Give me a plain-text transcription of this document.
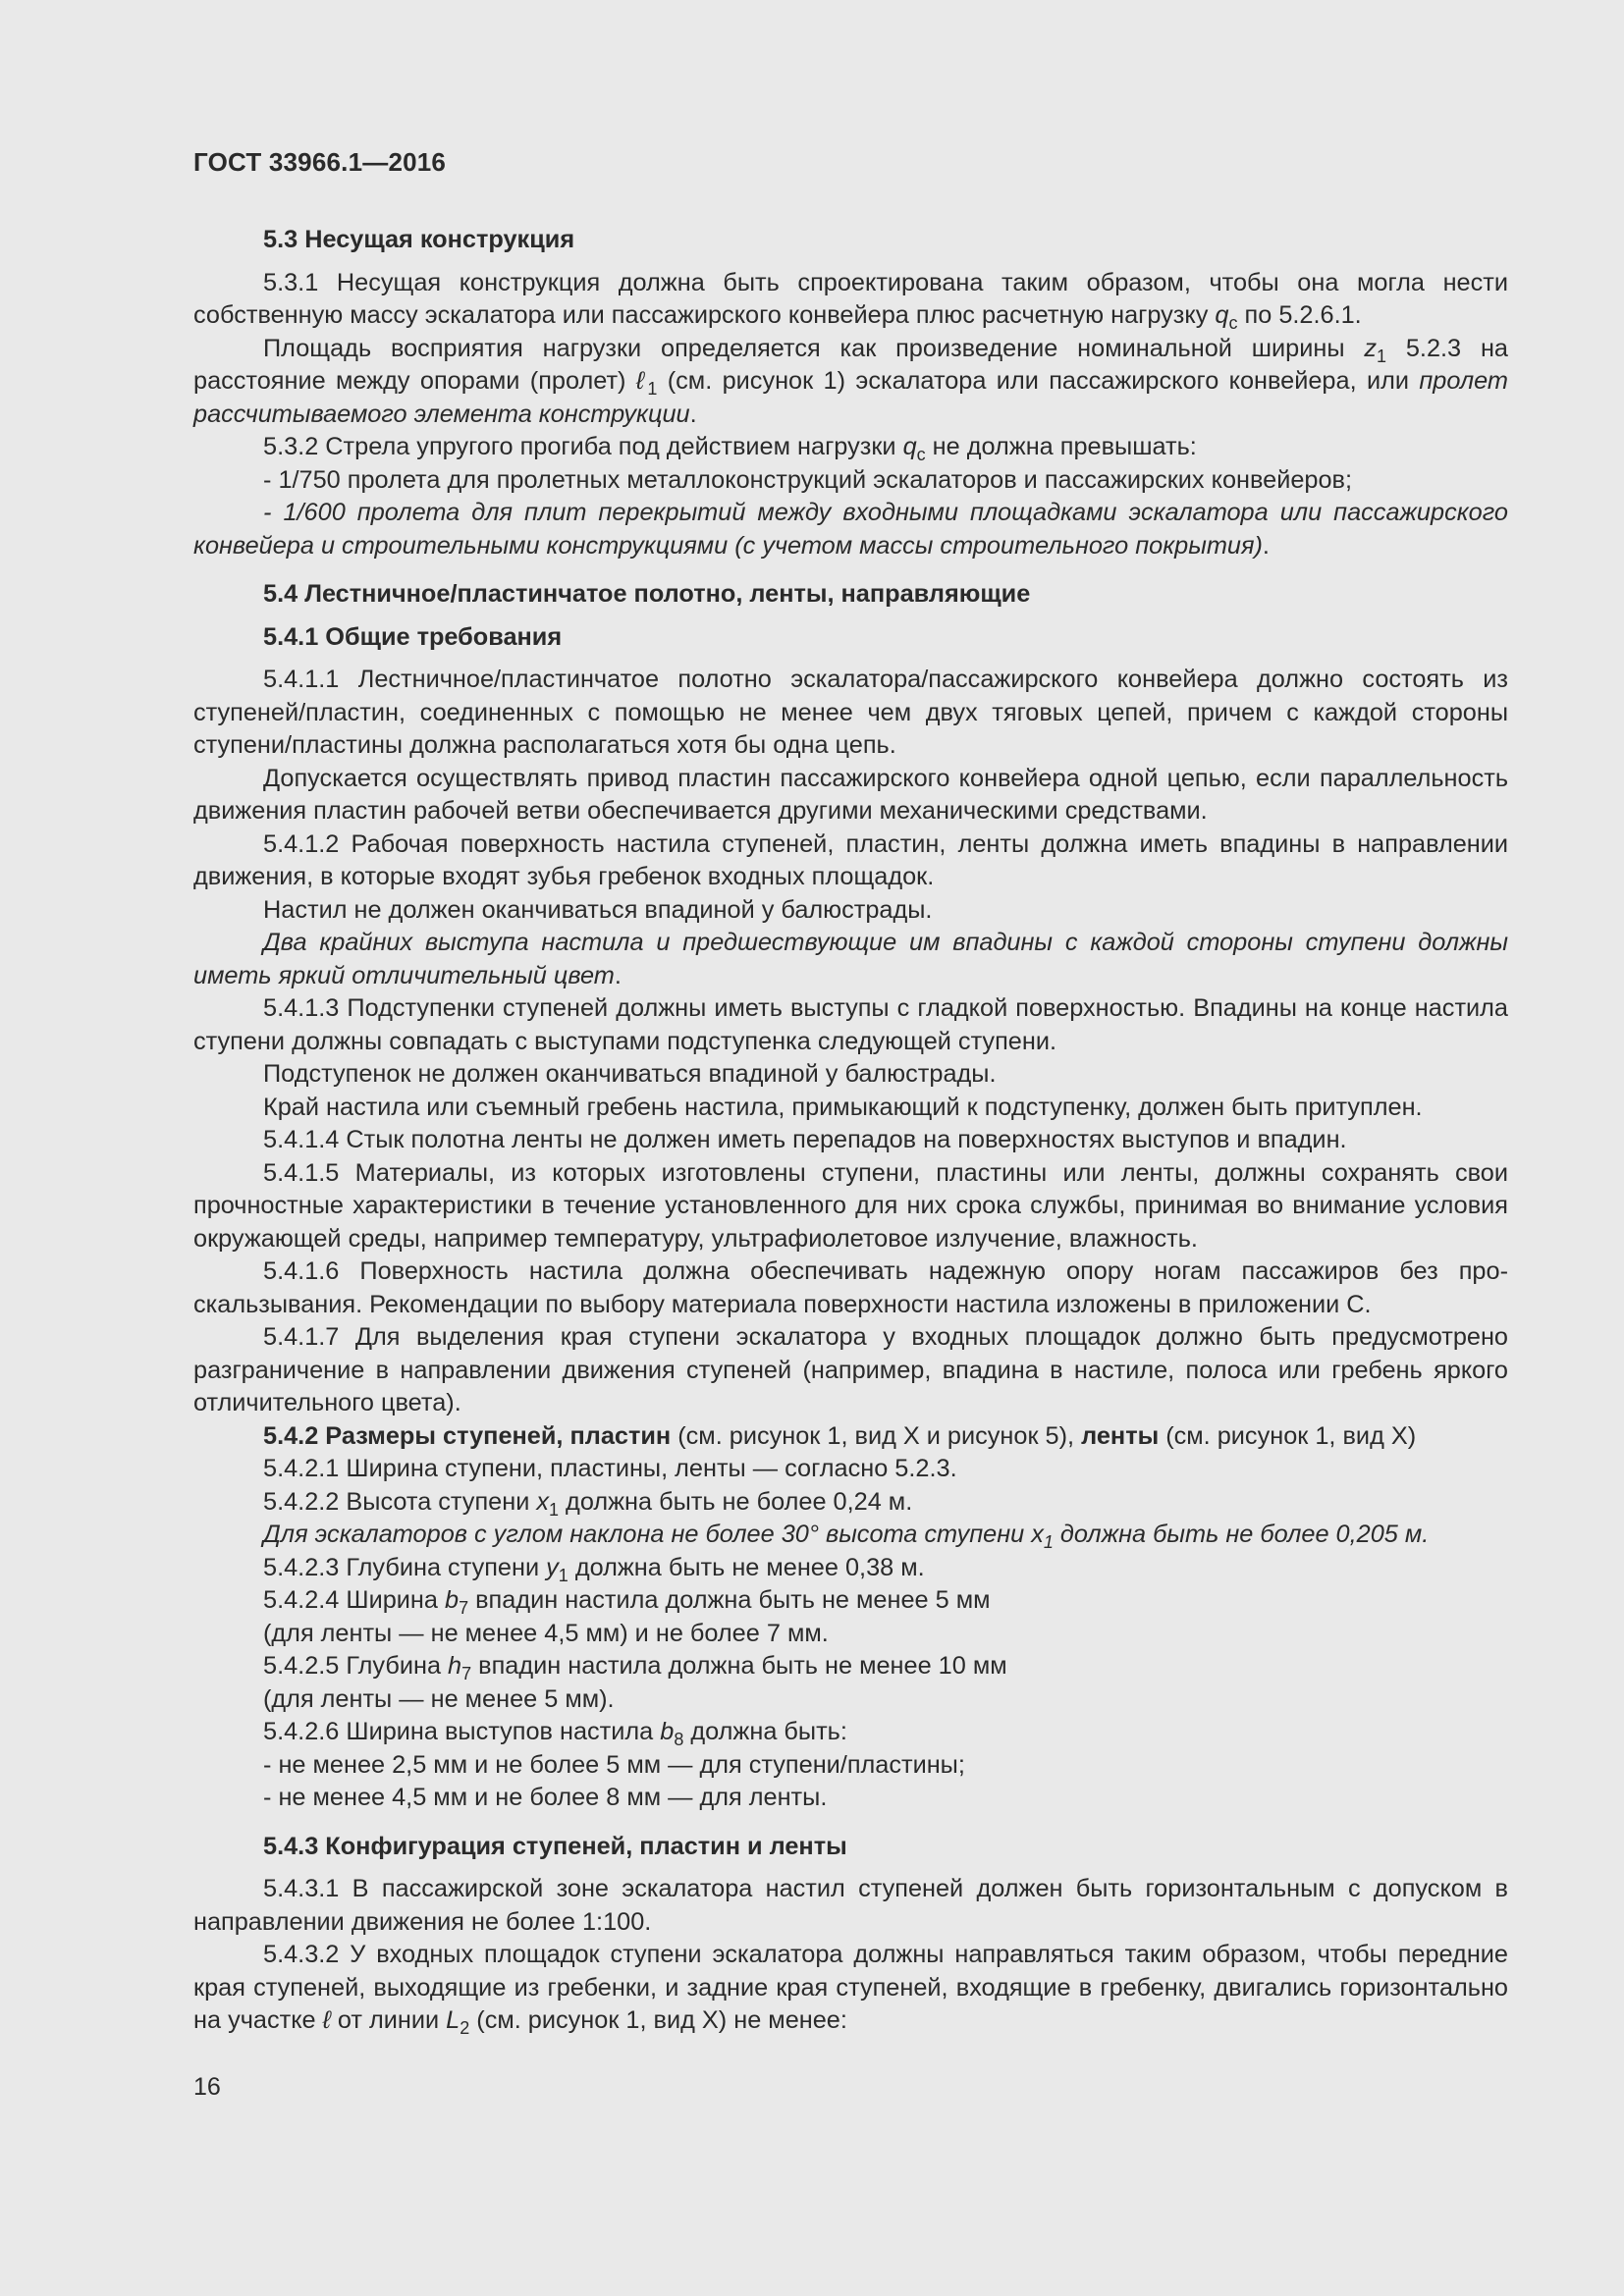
ГОСТ 33966.1—2016

5.3 Несущая конструкция

5.3.1 Несущая конструкция должна быть спроектирована таким образом, чтобы она могла нести собственную массу эскалатора или пассажирского конвейера плюс расчетную нагрузку $q_c$ по 5.2.6.1.

Площадь восприятия нагрузки определяется как произведение номинальной ширины $z_1$ 5.2.3 на расстояние между опорами (пролет) ℓ$_1$ (см. рисунок 1) эскалатора или пассажирского конвейера, или пролет рассчитываемого элемента конструкции.

5.3.2 Стрела упругого прогиба под действием нагрузки $q_c$ не должна превышать:

- 1/750 пролета для пролетных металлоконструкций эскалаторов и пассажирских конвейеров;

- 1/600 пролета для плит перекрытий между входными площадками эскалатора или пассажирского конвейера и строительными конструкциями (с учетом массы строительного покрытия).

5.4 Лестничное/пластинчатое полотно, ленты, направляющие

5.4.1 Общие требования

5.4.1.1 Лестничное/пластинчатое полотно эскалатора/пассажирского конвейера должно состоять из ступеней/пластин, соединенных с помощью не менее чем двух тяговых цепей, причем с каждой стороны ступени/пластины должна располагаться хотя бы одна цепь.

Допускается осуществлять привод пластин пассажирского конвейера одной цепью, если параллельность движения пластин рабочей ветви обеспечивается другими механическими средствами.

5.4.1.2 Рабочая поверхность настила ступеней, пластин, ленты должна иметь впадины в направлении движения, в которые входят зубья гребенок входных площадок.

Настил не должен оканчиваться впадиной у балюстрады.

Два крайних выступа настила и предшествующие им впадины с каждой стороны ступени должны иметь яркий отличительный цвет.

5.4.1.3 Подступенки ступеней должны иметь выступы с гладкой поверхностью. Впадины на конце настила ступени должны совпадать с выступами подступенка следующей ступени.

Подступенок не должен оканчиваться впадиной у балюстрады.

Край настила или съемный гребень настила, примыкающий к подступенку, должен быть притуплен.

5.4.1.4 Стык полотна ленты не должен иметь перепадов на поверхностях выступов и впадин.

5.4.1.5 Материалы, из которых изготовлены ступени, пластины или ленты, должны сохранять свои прочностные характеристики в течение установленного для них срока службы, принимая во внимание условия окружающей среды, например температуру, ультрафиолетовое излучение, влажность.

5.4.1.6 Поверхность настила должна обеспечивать надежную опору ногам пассажиров без проскальзывания. Рекомендации по выбору материала поверхности настила изложены в приложении С.

5.4.1.7 Для выделения края ступени эскалатора у входных площадок должно быть предусмотрено разграничение в направлении движения ступеней (например, впадина в настиле, полоса или гребень яркого отличительного цвета).

5.4.2 Размеры ступеней, пластин (см. рисунок 1, вид X и рисунок 5), ленты (см. рисунок 1, вид X)

5.4.2.1 Ширина ступени, пластины, ленты — согласно 5.2.3.

5.4.2.2 Высота ступени $x_1$ должна быть не более 0,24 м.

Для эскалаторов с углом наклона не более 30° высота ступени $x_1$ должна быть не более 0,205 м.

5.4.2.3 Глубина ступени $y_1$ должна быть не менее 0,38 м.

5.4.2.4 Ширина $b_7$ впадин настила должна быть не менее 5 мм

(для ленты — не менее 4,5 мм) и не более 7 мм.

5.4.2.5 Глубина $h_7$ впадин настила должна быть не менее 10 мм

(для ленты — не менее 5 мм).

5.4.2.6 Ширина выступов настила $b_8$ должна быть:

- не менее 2,5 мм и не более 5 мм — для ступени/пластины;

- не менее 4,5 мм и не более 8 мм — для ленты.

5.4.3 Конфигурация ступеней, пластин и ленты

5.4.3.1 В пассажирской зоне эскалатора настил ступеней должен быть горизонтальным с допуском в направлении движения не более 1:100.

5.4.3.2 У входных площадок ступени эскалатора должны направляться таким образом, чтобы передние края ступеней, выходящие из гребенки, и задние края ступеней, входящие в гребенку, двигались горизонтально на участке ℓ от линии $L_2$ (см. рисунок 1, вид X) не менее:

16
